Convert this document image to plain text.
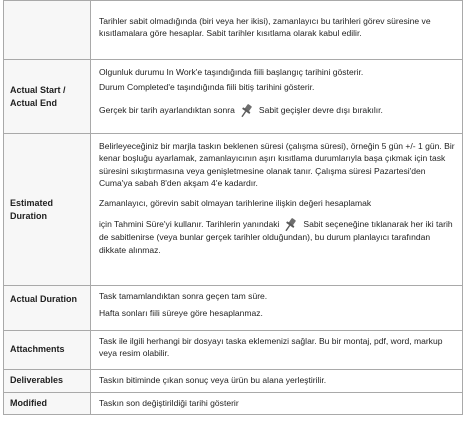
	Tarihler sabit olmadığında (biri veya her ikisi), zamanlayıcı bu tarihleri görev süresine ve kısıtlamalara göre hesaplar. Sabit tarihler kısıtlama olarak kabul edilir.

Actual Start / Actual End	Olgunluk durumu In Work'e taşındığında fiili başlangıç tarihini gösterir.

Durum Completed'e taşındığında fiili bitiş tarihini gösterir.

Gerçek bir tarih ayarlandıktan sonra Sabit geçişler devre dışı bırakılır.

Estimated Duration	Belirleyeceğiniz bir marjla taskın beklenen süresi (çalışma süresi), örneğin 5 gün +/- 1 gün. Bir kenar boşluğu ayarlamak, zamanlayıcının aşırı kısıtlama durumlarıyla başa çıkmak için task süresini sıkıştırmasına veya genişletmesine olanak tanır. Çalışma süresi Pazartesi'den Cuma'ya sabah 8'den akşam 4'e kadardır.

Zamanlayıcı, görevin sabit olmayan tarihlerine ilişkin değeri hesaplamak

için Tahmini Süre'yi kullanır. Tarihlerin yanındaki Sabit seçeneğine tıklanarak her iki tarih de sabitlenirse (veya bunlar gerçek tarihler olduğundan), bu durum planlayıcı tarafından dikkate alınmaz.

Actual Duration	Task tamamlandıktan sonra geçen tam süre.

Hafta sonları fiili süreye göre hesaplanmaz.

Attachments	Task ile ilgili herhangi bir dosyayı taska eklemenizi sağlar. Bu bir montaj, pdf, word, markup veya resim olabilir.

Deliverables	Taskın bitiminde çıkan sonuç veya ürün bu alana yerleştirilir.

Modified	Taskın son değiştirildiği tarihi gösterir
